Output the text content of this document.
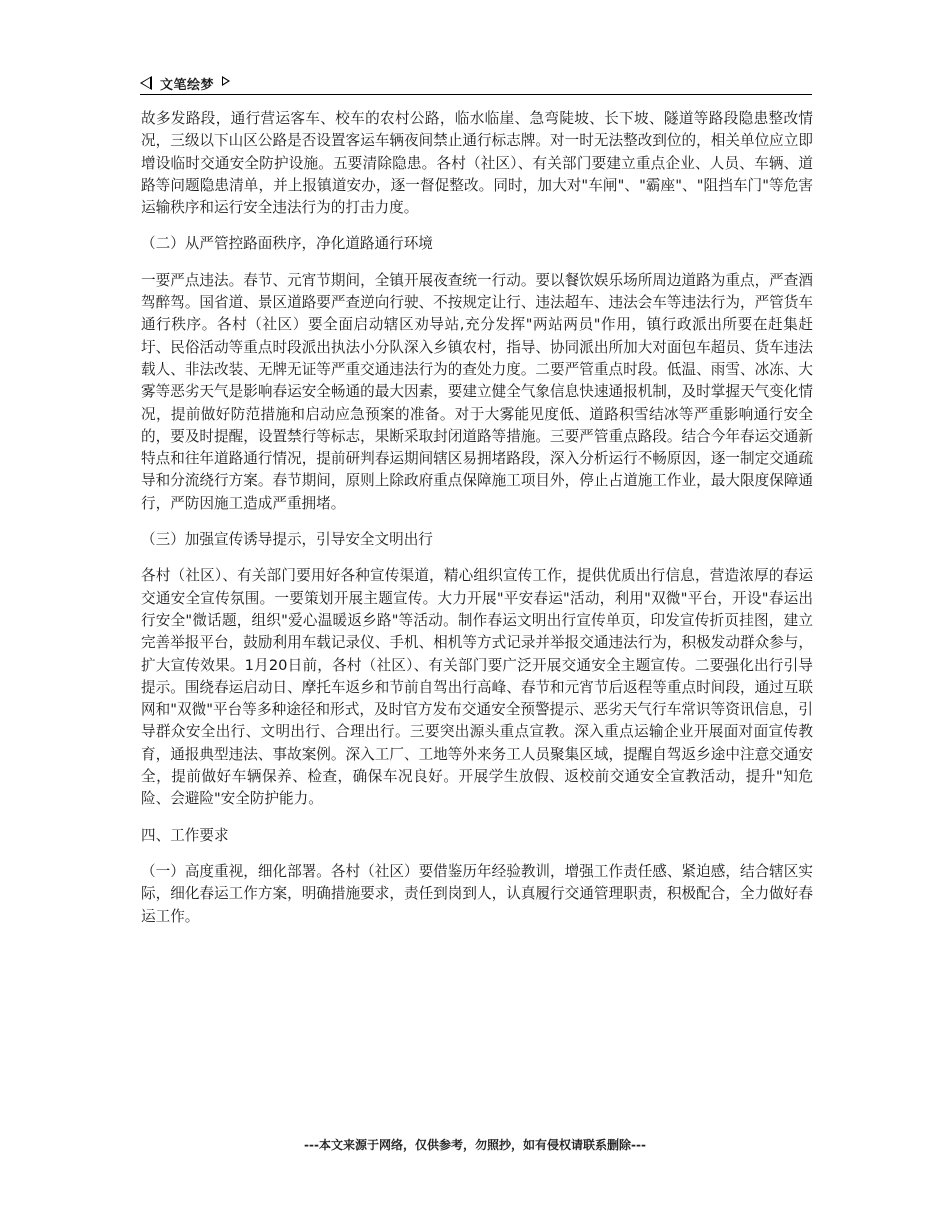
文笔绘梦

故多发路段，通行营运客车、校车的农村公路，临水临崖、急弯陡坡、长下坡、隧道等路段隐患整改情况，三级以下山区公路是否设置客运车辆夜间禁止通行标志牌。对一时无法整改到位的，相关单位应立即增设临时交通安全防护设施。五要清除隐患。各村（社区）、有关部门要建立重点企业、人员、车辆、道路等问题隐患清单，并上报镇道安办，逐一督促整改。同时，加大对"车闸"、"霸座"、"阻挡车门"等危害运输秩序和运行安全违法行为的打击力度。

（二）从严管控路面秩序，净化道路通行环境

一要严点违法。春节、元宵节期间，全镇开展夜查统一行动。要以餐饮娱乐场所周边道路为重点，严查酒驾醉驾。国省道、景区道路要严查逆向行驶、不按规定让行、违法超车、违法会车等违法行为，严管货车通行秩序。各村（社区）要全面启动辖区劝导站,充分发挥"两站两员"作用，镇行政派出所要在赶集赶圩、民俗活动等重点时段派出执法小分队深入乡镇农村，指导、协同派出所加大对面包车超员、货车违法载人、非法改装、无牌无证等严重交通违法行为的查处力度。二要严管重点时段。低温、雨雪、冰冻、大雾等恶劣天气是影响春运安全畅通的最大因素，要建立健全气象信息快速通报机制，及时掌握天气变化情况，提前做好防范措施和启动应急预案的准备。对于大雾能见度低、道路积雪结冰等严重影响通行安全的，要及时提醒，设置禁行等标志，果断采取封闭道路等措施。三要严管重点路段。结合今年春运交通新特点和往年道路通行情况，提前研判春运期间辖区易拥堵路段，深入分析运行不畅原因，逐一制定交通疏导和分流绕行方案。春节期间，原则上除政府重点保障施工项目外，停止占道施工作业，最大限度保障通行，严防因施工造成严重拥堵。

（三）加强宣传诱导提示，引导安全文明出行

各村（社区）、有关部门要用好各种宣传渠道，精心组织宣传工作，提供优质出行信息，营造浓厚的春运交通安全宣传氛围。一要策划开展主题宣传。大力开展"平安春运"活动，利用"双微"平台，开设"春运出行安全"微话题，组织"爱心温暖返乡路"等活动。制作春运文明出行宣传单页，印发宣传折页挂图，建立完善举报平台，鼓励利用车载记录仪、手机、相机等方式记录并举报交通违法行为，积极发动群众参与，扩大宣传效果。1月20日前，各村（社区）、有关部门要广泛开展交通安全主题宣传。二要强化出行引导提示。围绕春运启动日、摩托车返乡和节前自驾出行高峰、春节和元宵节后返程等重点时间段，通过互联网和"双微"平台等多种途径和形式，及时官方发布交通安全预警提示、恶劣天气行车常识等资讯信息，引导群众安全出行、文明出行、合理出行。三要突出源头重点宣教。深入重点运输企业开展面对面宣传教育，通报典型违法、事故案例。深入工厂、工地等外来务工人员聚集区域，提醒自驾返乡途中注意交通安全，提前做好车辆保养、检查，确保车况良好。开展学生放假、返校前交通安全宣教活动，提升"知危险、会避险"安全防护能力。

四、工作要求

（一）高度重视，细化部署。各村（社区）要借鉴历年经验教训，增强工作责任感、紧迫感，结合辖区实际，细化春运工作方案，明确措施要求，责任到岗到人，认真履行交通管理职责，积极配合，全力做好春运工作。

---本文来源于网络，仅供参考，勿照抄，如有侵权请联系删除---
